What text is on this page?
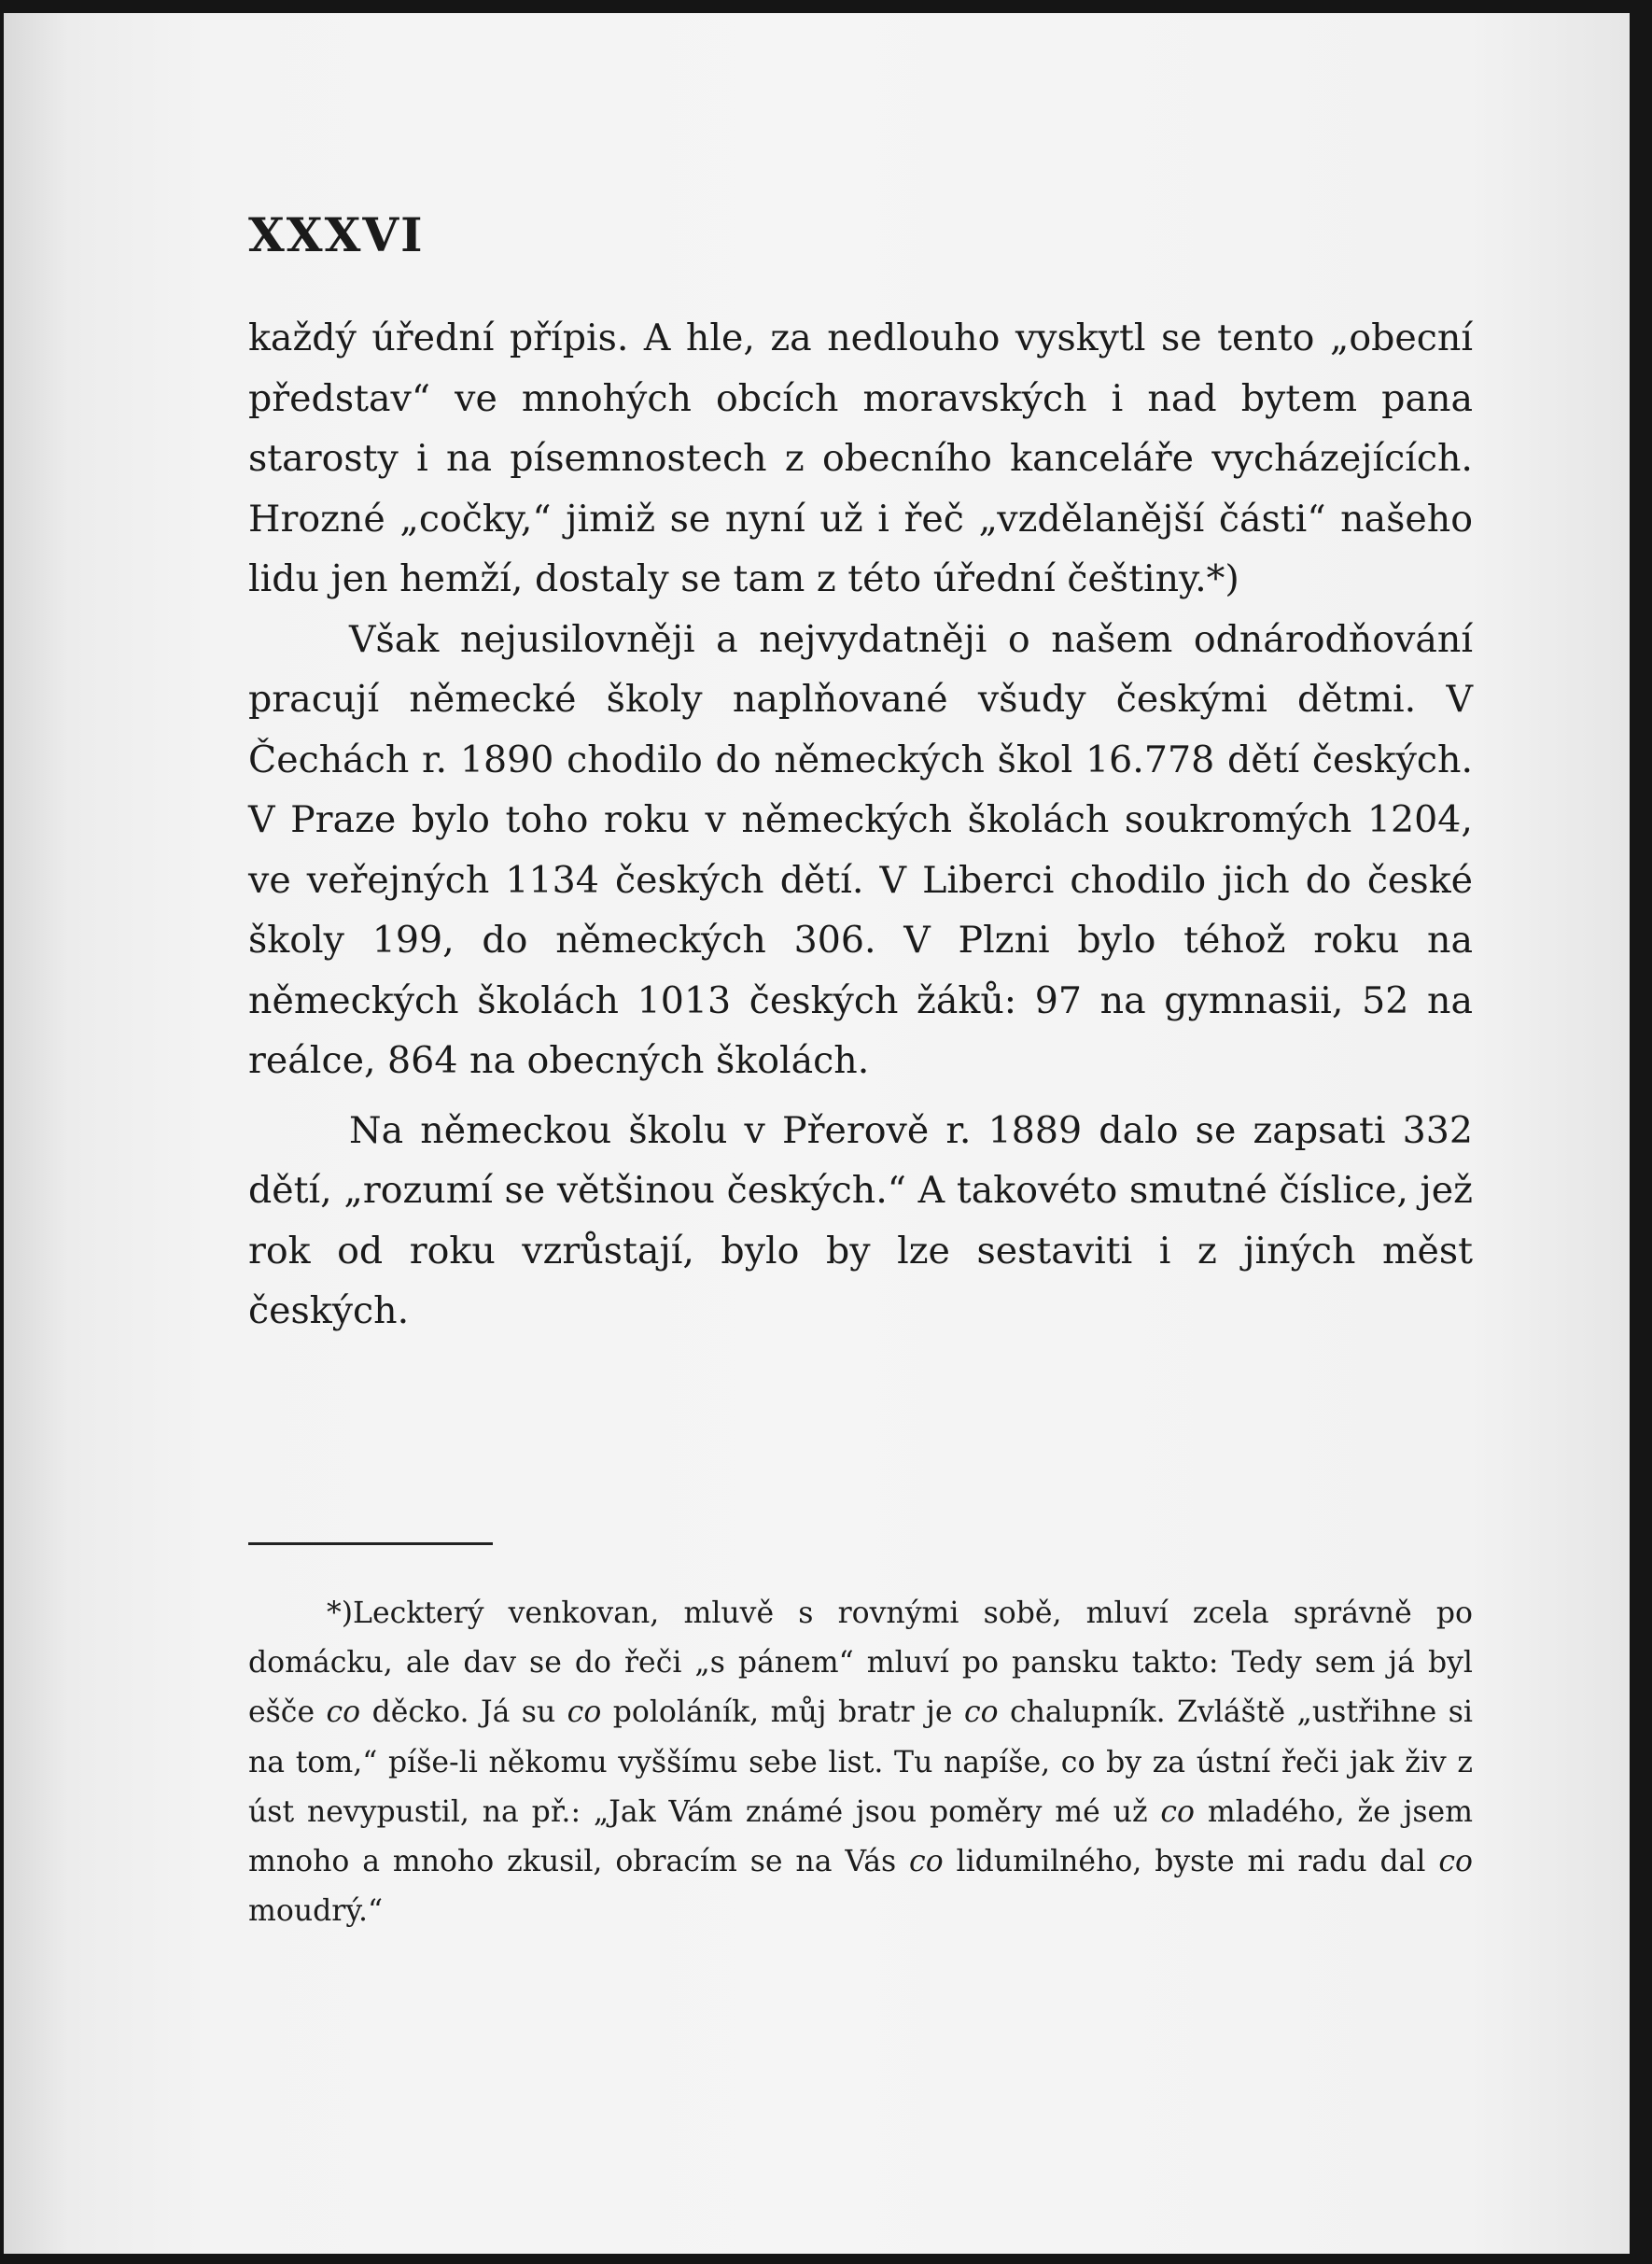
XXXVI

každý úřední přípis. A hle, za nedlouho vyskytl se tento „obecní představ“ ve mnohých obcích moravských i nad bytem pana starosty i na písemnostech z obecního kanceláře vycházejících. Hrozné „cočky,“ jimiž se nyní už i řeč „vzdělanější části“ našeho lidu jen hemží, dostaly se tam z této úřední češtiny.*)

Však nejusilovněji a nejvydatněji o našem odnárodňování pracují německé školy naplňované všudy českými dětmi. V Čechách r. 1890 chodilo do německých škol 16.778 dětí českých. V Praze bylo toho roku v německých školách soukromých 1204, ve veřejných 1134 českých dětí. V Liberci chodilo jich do české školy 199, do německých 306. V Plzni bylo téhož roku na německých školách 1013 českých žáků: 97 na gymnasii, 52 na reálce, 864 na obecných školách.

Na německou školu v Přerově r. 1889 dalo se zapsati 332 dětí, „rozumí se většinou českých.“ A takovéto smutné číslice, jež rok od roku vzrůstají, bylo by lze sestaviti i z jiných měst českých.

*)Leckterý venkovan, mluvě s rovnými sobě, mluví zcela správně po domácku, ale dav se do řeči „s pánem“ mluví po pansku takto: Tedy sem já byl ešče co děcko. Já su co pololáník, můj bratr je co chalupník. Zvláště „ustřihne si na tom,“ píše-li někomu vyššímu sebe list. Tu napíše, co by za ústní řeči jak živ z úst nevypustil, na př.: „Jak Vám známé jsou poměry mé už co mladého, že jsem mnoho a mnoho zkusil, obracím se na Vás co lidumilného, byste mi radu dal co moudrý.“
